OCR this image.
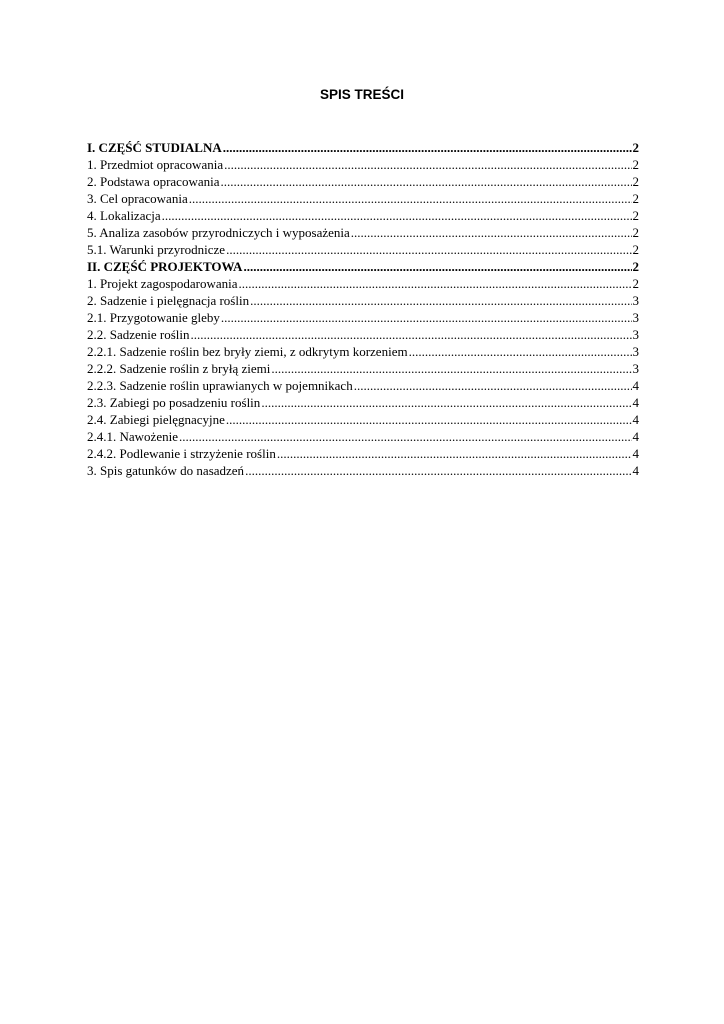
SPIS TREŚCI
I. CZĘŚĆ STUDIALNA .....	2
1. Przedmiot opracowania .....	2
2. Podstawa opracowania .....	2
3. Cel opracowania .....	2
4. Lokalizacja .....	2
5. Analiza zasobów przyrodniczych i wyposażenia .....	2
5.1. Warunki przyrodnicze .....	2
II. CZĘŚĆ PROJEKTOWA .....	2
1. Projekt zagospodarowania .....	2
2. Sadzenie i pielęgnacja roślin .....	3
2.1. Przygotowanie gleby .....	3
2.2. Sadzenie roślin .....	3
2.2.1. Sadzenie roślin bez bryły ziemi, z odkrytym korzeniem .....	3
2.2.2. Sadzenie roślin z bryłą ziemi .....	3
2.2.3. Sadzenie roślin uprawianych w pojemnikach .....	4
2.3. Zabiegi po posadzeniu roślin .....	4
2.4. Zabiegi pielęgnacyjne .....	4
2.4.1. Nawożenie .....	4
2.4.2. Podlewanie i strzyżenie roślin .....	4
3. Spis gatunków do nasadzeń .....	4
